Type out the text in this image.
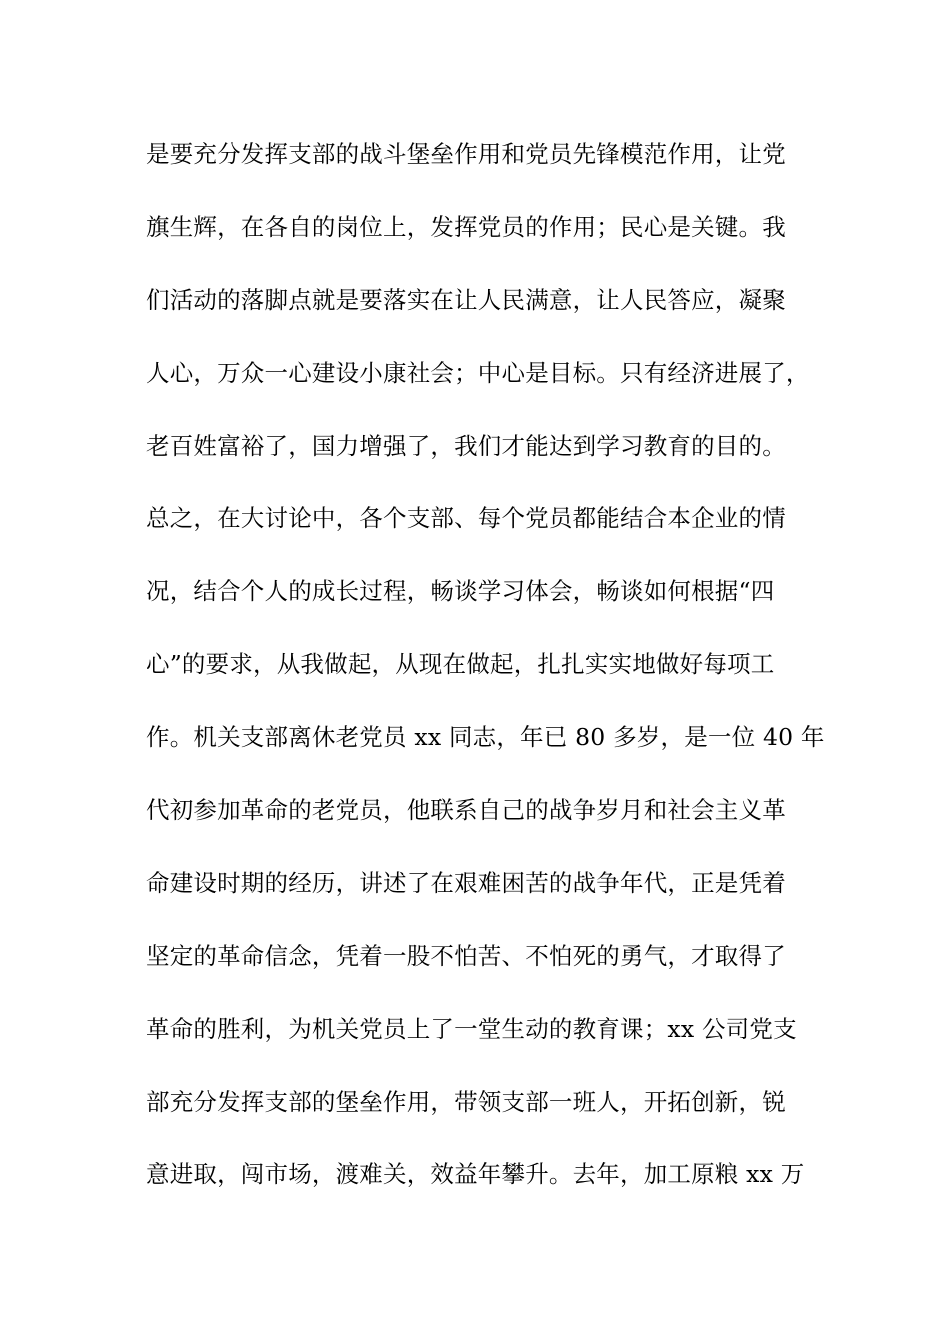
是要充分发挥支部的战斗堡垒作用和党员先锋模范作用，让党
旗生辉，在各自的岗位上，发挥党员的作用；民心是关键。我
们活动的落脚点就是要落实在让人民满意，让人民答应，凝聚
人心，万众一心建设小康社会；中心是目标。只有经济进展了，
老百姓富裕了，国力增强了，我们才能达到学习教育的目的。
总之，在大讨论中，各个支部、每个党员都能结合本企业的情
况，结合个人的成长过程，畅谈学习体会，畅谈如何根据“四
心”的要求，从我做起，从现在做起，扎扎实实地做好每项工
作。机关支部离休老党员 xx 同志，年已 80 多岁，是一位 40 年
代初参加革命的老党员，他联系自己的战争岁月和社会主义革
命建设时期的经历，讲述了在艰难困苦的战争年代，正是凭着
坚定的革命信念，凭着一股不怕苦、不怕死的勇气，才取得了
革命的胜利，为机关党员上了一堂生动的教育课；xx 公司党支
部充分发挥支部的堡垒作用，带领支部一班人，开拓创新，锐
意进取，闯市场，渡难关，效益年攀升。去年，加工原粮 xx 万
